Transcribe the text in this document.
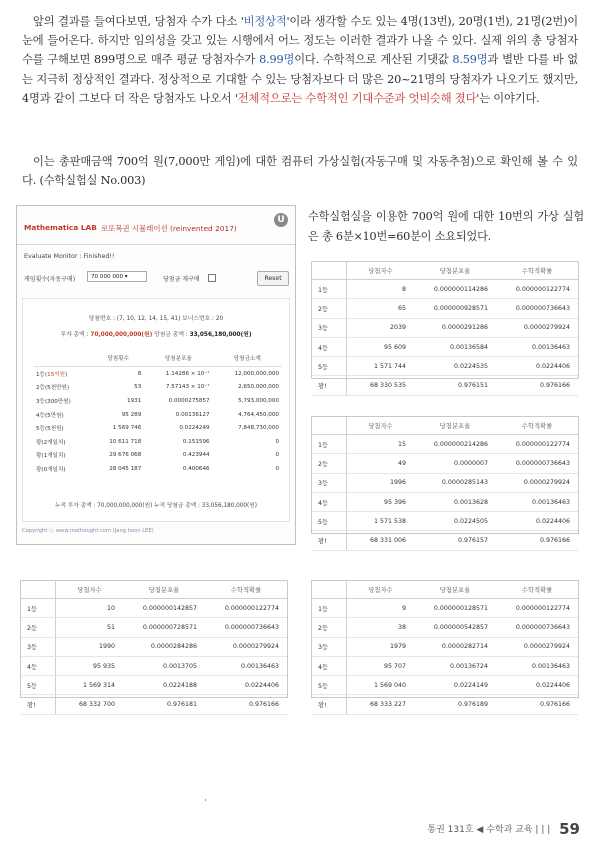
앞의 결과를 들여다보면, 당첨자 수가 다소 '비정상적'이라 생각할 수도 있는 4명(13번), 20명(1번), 21명(2번)이 눈에 들어온다. 하지만 임의성을 갖고 있는 시행에서 어느 정도는 이러한 결과가 나올 수 있다. 실제 위의 총 당첨자수를 구해보면 899명으로 매주 평균 당첨자수가 8.99명이다. 수학적으로 계산된 기댓값 8.59명과 별반 다를 바 없는 지극히 정상적인 결과다. 정상적으로 기대할 수 있는 당첨자보다 더 많은 20~21명의 당첨자가 나오기도 했지만, 4명과 같이 그보다 더 작은 당첨자도 나오서 '전체적으로는 수학적인 기대수준과 엇비슷해 졌다'는 이야기다.
이는 총판매금액 700억 원(7,000만 게임)에 대한 컴퓨터 가상실험(자동구매 및 자동추첨)으로 확인해 볼 수 있다. (수학실험실 No.003)
Mathematica LAB 로또복권 시뮬레이션 (reinvented 2017)
U
Evaluate Monitor : Finished!!
게임횟수(자동구매)	70 000 000 ▾	당첨금 재구매	Reset
당첨번호 : (7, 10, 12, 14, 15, 41) 보너스번호 : 20
투자 총액 : 70,000,000,000(원) 당첨금 총액 : 33,056,180,000(원)
	당첨횟수	당첨분포율	당첨금소계
1등(15억원)	8	1.14286 × 10⁻⁷	12,000,000,000
2등(5천만원)	53	7.57143 × 10⁻⁷	2,650,000,000
3등(300만원)	1931	0.0000275857	5,793,000,000
4등(5만원)	95 289	0.00136127	4,764,450,000
5등(5천원)	1 569 746	0.0224249	7,848,730,000
꽝(2개일치)	10 611 718	0.151596	0
꽝(1개일치)	29 676 068	0.423944	0
꽝(0개일치)	28 045 187	0.400646	0
누적 투자 총액 : 70,000,000,000(원) 누적 당첨금 총액 : 33,056,180,000(원)
Copyright ⓒ www.mathought.com (Jang hoon LEE)
수학실험실을 이용한 700억 원에 대한 10번의 가상 실험은 총 6분×10번=60분이 소요되었다.
	당첨자수	당첨분포율	수학적확률
1등	8	0.000000114286	0.000000122774
2등	65	0.000000928571	0.000000736643
3등	2039	0.0000291286	0.0000279924
4등	95 609	0.00136584	0.00136463
5등	1 571 744	0.0224535	0.0224406
꽝!	68 330 535	0.976151	0.976166
	당첨자수	당첨분포율	수학적확률
1등	15	0.000000214286	0.000000122774
2등	49	0.0000007	0.000000736643
3등	1996	0.0000285143	0.0000279924
4등	95 396	0.0013628	0.00136463
5등	1 571 538	0.0224505	0.0224406
꽝!	68 331 006	0.976157	0.976166
	당첨자수	당첨분포율	수학적확률
1등	10	0.000000142857	0.000000122774
2등	51	0.000000728571	0.000000736643
3등	1990	0.0000284286	0.0000279924
4등	95 935	0.0013705	0.00136463
5등	1 569 314	0.0224188	0.0224406
꽝!	68 332 700	0.976181	0.976166
	당첨자수	당첨분포율	수학적확률
1등	9	0.000000128571	0.000000122774
2등	38	0.000000542857	0.000000736643
3등	1979	0.0000282714	0.0000279924
4등	95 707	0.00136724	0.00136463
5등	1 569 040	0.0224149	0.0224406
꽝!	68 333 227	0.976189	0.976166
통권 131호 ◀ 수학과 교육 | | | 59
